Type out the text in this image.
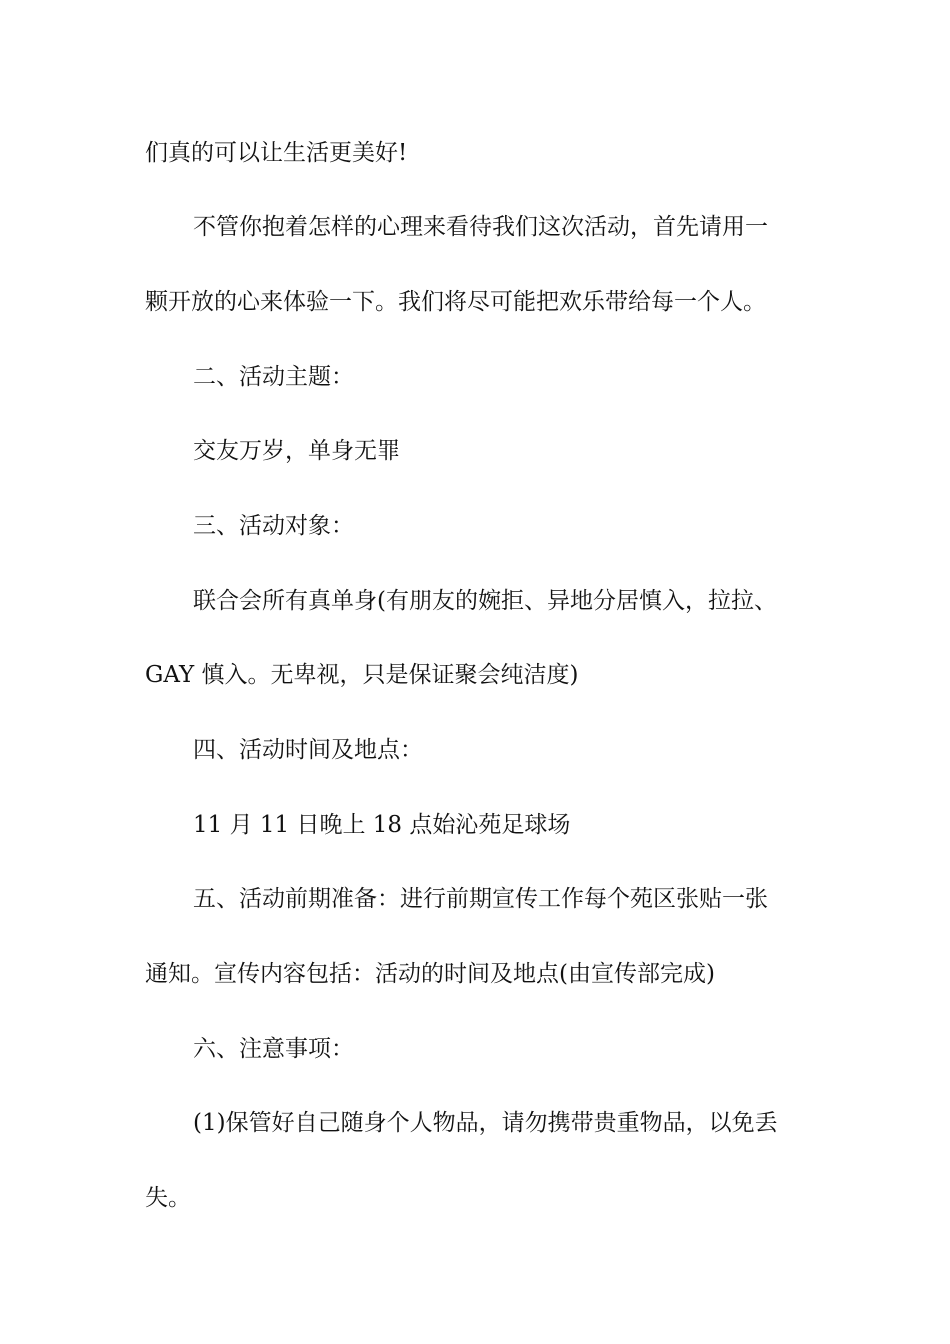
们真的可以让生活更美好!
不管你抱着怎样的心理来看待我们这次活动，首先请用一
颗开放的心来体验一下。我们将尽可能把欢乐带给每一个人。
二、活动主题：
交友万岁，单身无罪
三、活动对象：
联合会所有真单身(有朋友的婉拒、异地分居慎入，拉拉、
GAY 慎入。无卑视，只是保证聚会纯洁度)
四、活动时间及地点：
11 月 11 日晚上 18 点始沁苑足球场
五、活动前期准备：进行前期宣传工作每个苑区张贴一张
通知。宣传内容包括：活动的时间及地点(由宣传部完成)
六、注意事项：
(1)保管好自己随身个人物品，请勿携带贵重物品，以免丢
失。
